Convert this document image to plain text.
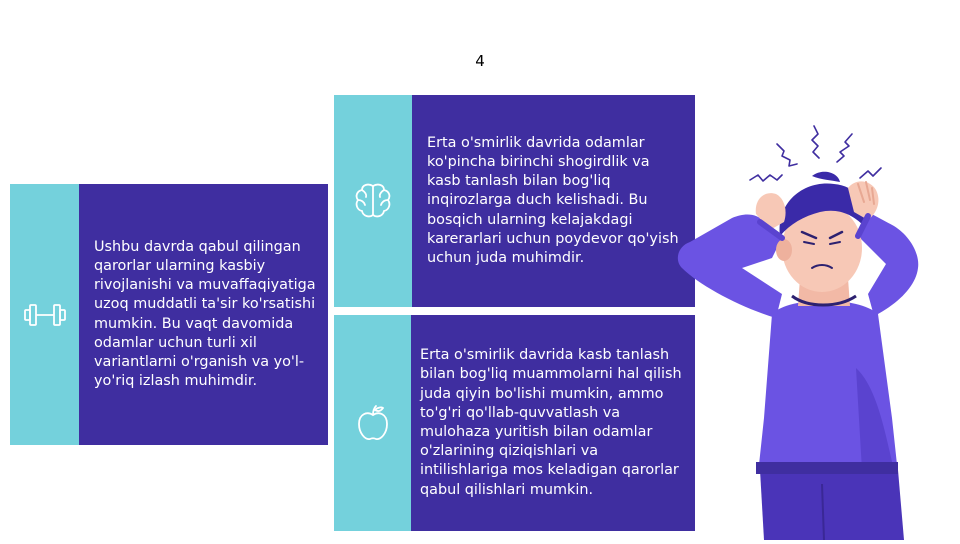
4
Ushbu davrda qabul qilingan qarorlar ularning kasbiy rivojlanishi va muvaffaqiyatiga uzoq muddatli ta'sir ko'rsatishi mumkin. Bu vaqt davomida odamlar uchun turli xil variantlarni o'rganish va yo'l-yo'riq izlash muhimdir.
Erta o'smirlik davrida odamlar ko'pincha birinchi shogirdlik va kasb tanlash bilan bog'liq inqirozlarga duch kelishadi. Bu bosqich ularning kelajakdagi karerarlari uchun poydevor qo'yish uchun juda muhimdir.
Erta o'smirlik davrida kasb tanlash bilan bog'liq muammolarni hal qilish juda qiyin bo'lishi mumkin, ammo to'g'ri qo'llab-quvvatlash va mulohaza yuritish bilan odamlar o'zlarining qiziqishlari va intilishlariga mos keladigan qarorlar qabul qilishlari mumkin.
